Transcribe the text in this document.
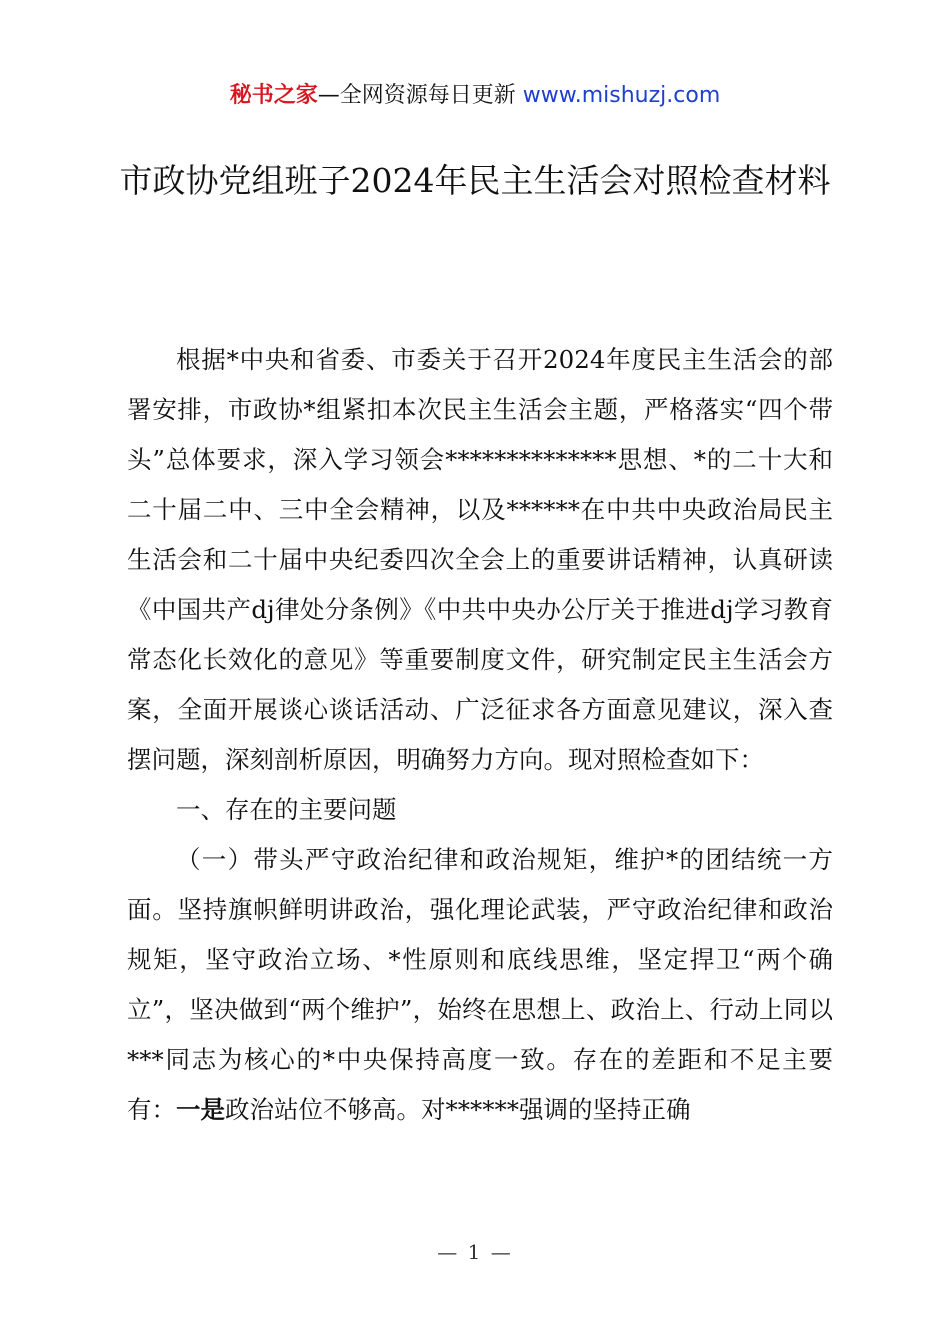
秘书之家—全网资源每日更新 www.mishuzj.com
市政协党组班子2024年民主生活会对照检查材料

根据*中央和省委、市委关于召开2024年度民主生活会的部署安排，市政协*组紧扣本次民主生活会主题，严格落实“四个带头”总体要求，深入学习领会**************思想、*的二十大和二十届二中、三中全会精神，以及******在中共中央政治局民主生活会和二十届中央纪委四次全会上的重要讲话精神，认真研读《中国共产dj律处分条例》《中共中央办公厅关于推进dj学习教育常态化长效化的意见》等重要制度文件，研究制定民主生活会方案，全面开展谈心谈话活动、广泛征求各方面意见建议，深入查摆问题，深刻剖析原因，明确努力方向。现对照检查如下：

一、存在的主要问题

（一）带头严守政治纪律和政治规矩，维护*的团结统一方面。坚持旗帜鲜明讲政治，强化理论武装，严守政治纪律和政治规矩，坚守政治立场、*性原则和底线思维，坚定捍卫“两个确立”，坚决做到“两个维护”，始终在思想上、政治上、行动上同以***同志为核心的*中央保持高度一致。存在的差距和不足主要有：一是政治站位不够高。对******强调的坚持正确

— 1 —
